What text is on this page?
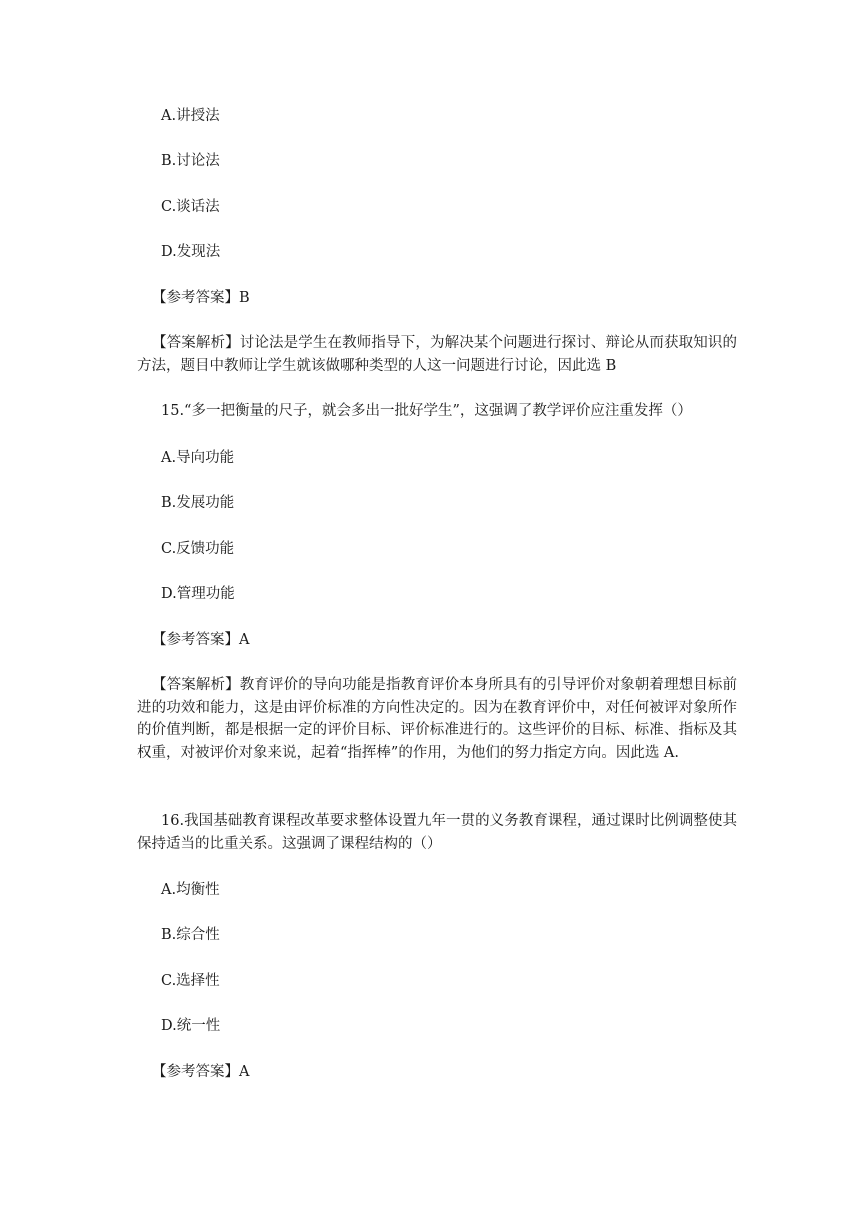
A.讲授法
B.讨论法
C.谈话法
D.发现法
【参考答案】B
【答案解析】讨论法是学生在教师指导下，为解决某个问题进行探讨、辩论从而获取知识的方法，题目中教师让学生就该做哪种类型的人这一问题进行讨论，因此选 B
15.“多一把衡量的尺子，就会多出一批好学生”，这强调了教学评价应注重发挥（）
A.导向功能
B.发展功能
C.反馈功能
D.管理功能
【参考答案】A
【答案解析】教育评价的导向功能是指教育评价本身所具有的引导评价对象朝着理想目标前进的功效和能力，这是由评价标准的方向性决定的。因为在教育评价中，对任何被评对象所作的价值判断，都是根据一定的评价目标、评价标准进行的。这些评价的目标、标准、指标及其权重，对被评价对象来说，起着“指挥棒”的作用，为他们的努力指定方向。因此选 A.
16.我国基础教育课程改革要求整体设置九年一贯的义务教育课程，通过课时比例调整使其保持适当的比重关系。这强调了课程结构的（）
A.均衡性
B.综合性
C.选择性
D.统一性
【参考答案】A
